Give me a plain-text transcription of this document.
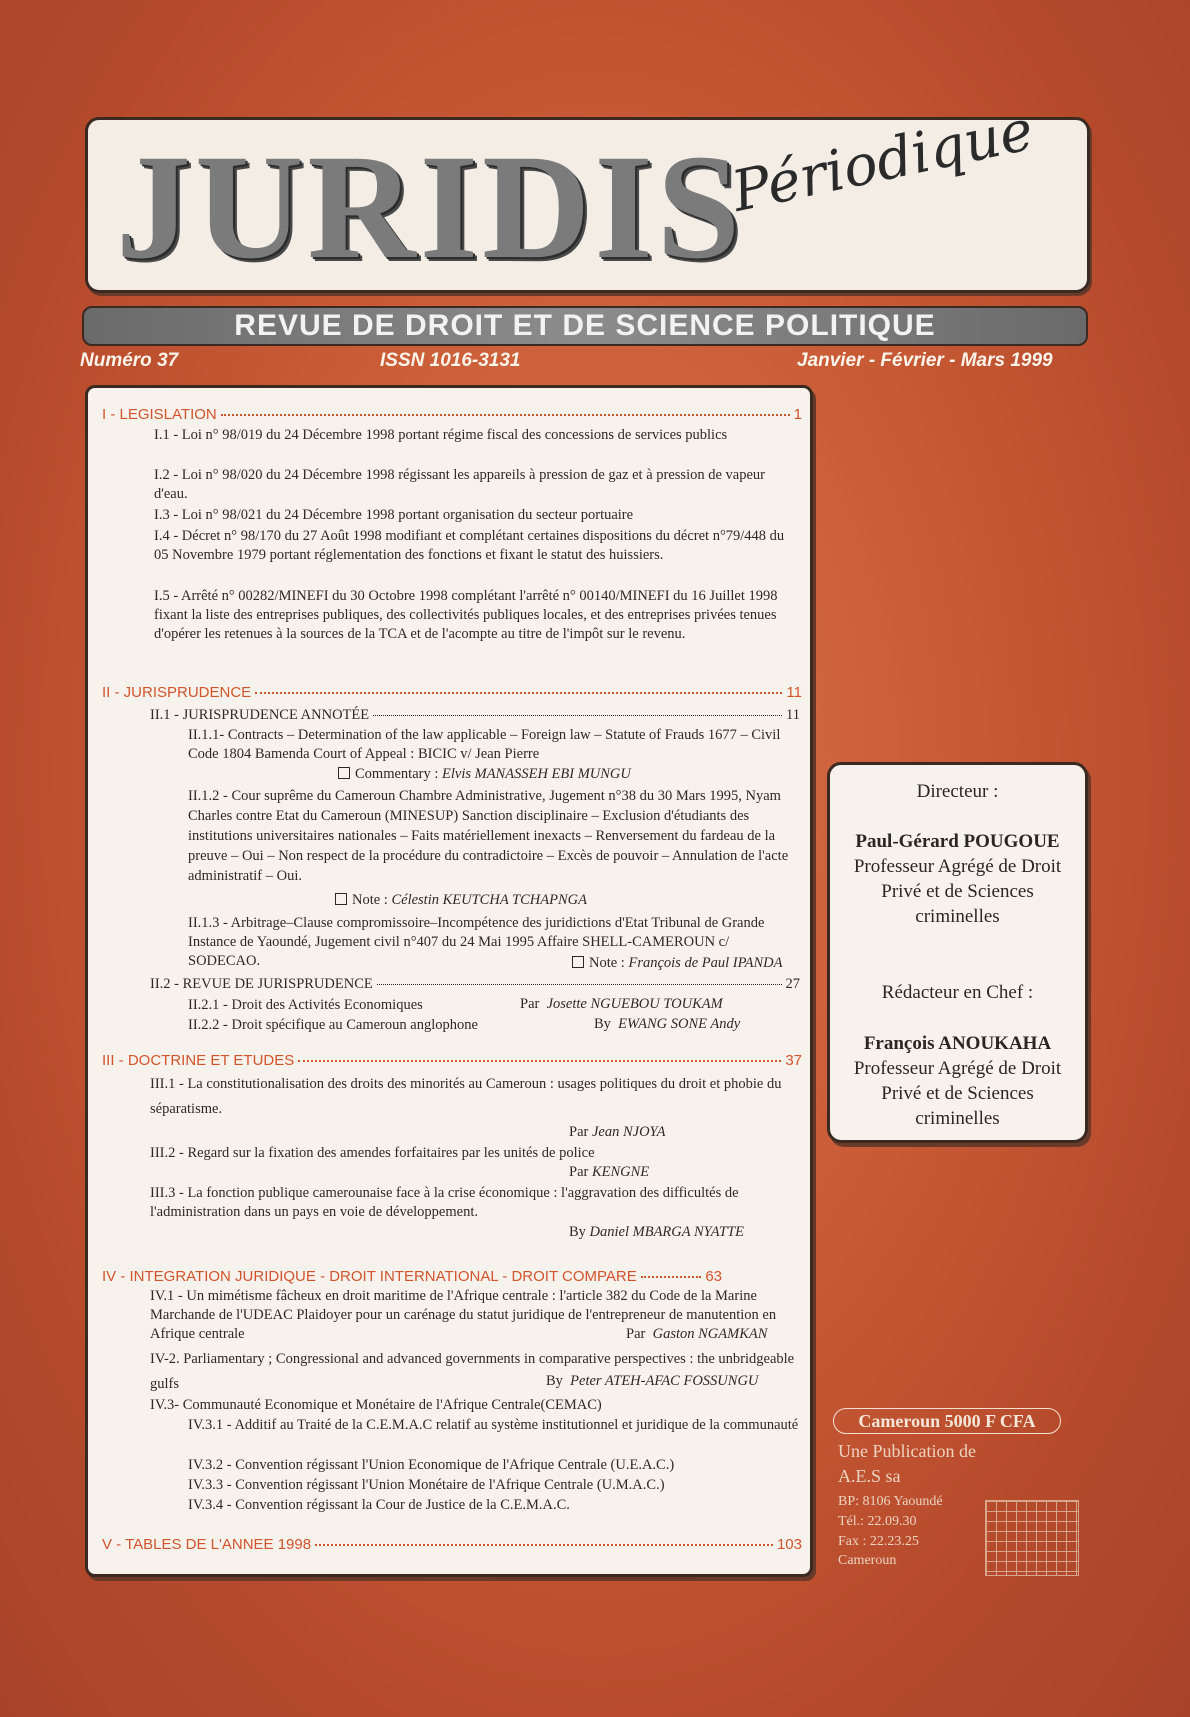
JURIDIS
Périodique
REVUE DE DROIT ET DE SCIENCE POLITIQUE
Numéro 37	ISSN 1016-3131	Janvier - Février - Mars 1999
I - LEGISLATION	1
I.1 - Loi n° 98/019 du 24 Décembre 1998 portant régime fiscal des concessions de services publics
I.2 - Loi n° 98/020 du 24 Décembre 1998 régissant les appareils à pression de gaz et à pression de vapeur d'eau.
I.3 - Loi n° 98/021 du 24 Décembre 1998 portant organisation du secteur portuaire
I.4 - Décret n° 98/170 du 27 Août 1998 modifiant et complétant certaines dispositions du décret n°79/448 du 05 Novembre 1979 portant réglementation des fonctions et fixant le statut des huissiers.
I.5 - Arrêté n° 00282/MINEFI du 30 Octobre 1998 complétant l'arrêté n° 00140/MINEFI du 16 Juillet 1998 fixant la liste des entreprises publiques, des collectivités publiques locales, et des entreprises privées tenues d'opérer les retenues à la sources de la TCA et de l'acompte au titre de l'impôt sur le revenu.
II - JURISPRUDENCE	11
II.1 - JURISPRUDENCE ANNOTÉE	11
II.1.1- Contracts – Determination of the law applicable – Foreign law – Statute of Frauds 1677 – Civil Code 1804 Bamenda Court of Appeal : BICIC v/ Jean Pierre
Commentary : Elvis MANASSEH EBI MUNGU
II.1.2 - Cour suprême du Cameroun Chambre Administrative, Jugement n°38 du 30 Mars 1995, Nyam Charles contre Etat du Cameroun (MINESUP) Sanction disciplinaire – Exclusion d'étudiants des institutions universitaires nationales – Faits matériellement inexacts – Renversement du fardeau de la preuve – Oui – Non respect de la procédure du contradictoire – Excès de pouvoir – Annulation de l'acte administratif – Oui.
Note : Célestin KEUTCHA TCHAPNGA
II.1.3 - Arbitrage–Clause compromissoire–Incompétence des juridictions d'Etat Tribunal de Grande Instance de Yaoundé, Jugement civil n°407 du 24 Mai 1995 Affaire SHELL-CAMEROUN c/ SODECAO.	Note : François de Paul IPANDA
II.2 - REVUE DE JURISPRUDENCE	27
II.2.1 - Droit des Activités Economiques	Par Josette NGUEBOU TOUKAM
II.2.2 - Droit spécifique au Cameroun anglophone	By EWANG SONE Andy
III - DOCTRINE ET ETUDES	37
III.1 - La constitutionalisation des droits des minorités au Cameroun : usages politiques du droit et phobie du séparatisme.
Par Jean NJOYA
III.2 - Regard sur la fixation des amendes forfaitaires par les unités de police
Par KENGNE
III.3 - La fonction publique camerounaise face à la crise économique : l'aggravation des difficultés de l'administration dans un pays en voie de développement.
By Daniel MBARGA NYATTE
IV - INTEGRATION JURIDIQUE - DROIT INTERNATIONAL - DROIT COMPARE	63
IV.1 - Un mimétisme fâcheux en droit maritime de l'Afrique centrale : l'article 382 du Code de la Marine Marchande de l'UDEAC Plaidoyer pour un carénage du statut juridique de l'entrepreneur de manutention en Afrique centrale	Par Gaston NGAMKAN
IV-2. Parliamentary ; Congressional and advanced governments in comparative perspectives : the unbridgeable gulfs	By Peter ATEH-AFAC FOSSUNGU
IV.3- Communauté Economique et Monétaire de l'Afrique Centrale(CEMAC)
IV.3.1 - Additif au Traité de la C.E.M.A.C relatif au système institutionnel et juridique de la communauté
IV.3.2 - Convention régissant l'Union Economique de l'Afrique Centrale (U.E.A.C.)
IV.3.3 - Convention régissant l'Union Monétaire de l'Afrique Centrale (U.M.A.C.)
IV.3.4 - Convention régissant la Cour de Justice de la C.E.M.A.C.
V - TABLES DE L'ANNEE 1998	103
Directeur :
Paul-Gérard POUGOUE
Professeur Agrégé de Droit
Privé et de Sciences
criminelles
Rédacteur en Chef :
François ANOUKAHA
Professeur Agrégé de Droit
Privé et de Sciences
criminelles
Cameroun 5000 F CFA
Une Publication de
A.E.S sa
BP: 8106 Yaoundé
Tél.: 22.09.30
Fax : 22.23.25
Cameroun
